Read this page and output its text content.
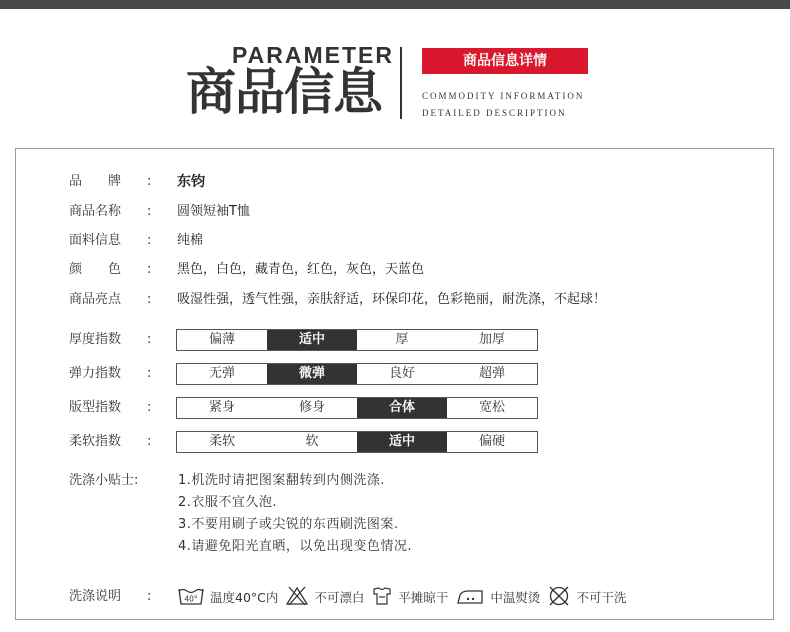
PARAMETER
商品信息
商品信息详情
COMMODITY INFORMATION
DETAILED DESCRIPTION
品　　牌 : 东钧
商品名称 : 圆领短袖T恤
面料信息 : 纯棉
颜　　色 : 黑色，白色，藏青色，红色，灰色，天蓝色
商品亮点 : 吸湿性强，透气性强，亲肤舒适，环保印花，色彩艳丽，耐洗涤，不起球！
厚度指数 :	偏薄	适中	厚	加厚
弹力指数 :	无弹	微弹	良好	超弹
版型指数 :	紧身	修身	合体	宽松
柔软指数 :	柔软	软	适中	偏硬
洗涤小贴士:	1.机洗时请把图案翻转到内侧洗涤.
2.衣服不宜久泡.
3.不要用刷子或尖锐的东西刷洗图案.
4.请避免阳光直晒，以免出现变色情况.
洗涤说明 :	40° 温度40°C内	不可漂白	平摊晾干	中温熨烫	不可干洗
